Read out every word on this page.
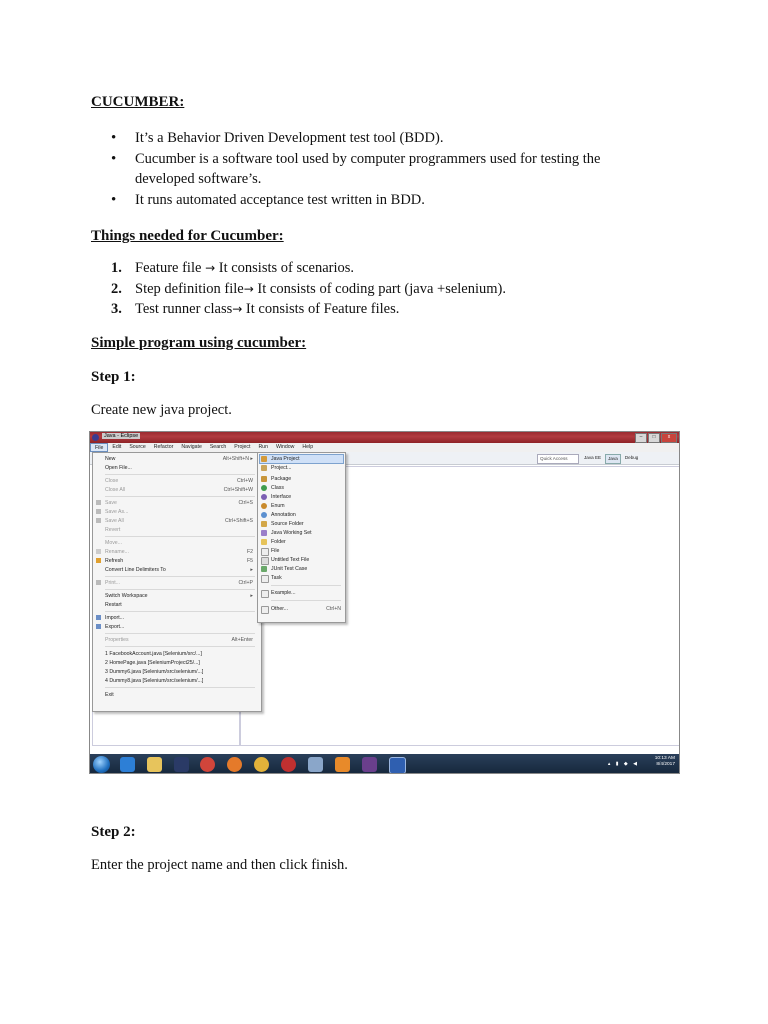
CUCUMBER:
• It’s a Behavior Driven Development test tool (BDD).
• Cucumber is a software tool used by computer programmers used for testing the
developed software’s.
• It runs automated acceptance test written in BDD.
Things needed for Cucumber:
1. Feature file → It consists of scenarios.
2. Step definition file→ It consists of coding part (java +selenium).
3. Test runner class→ It consists of Feature files.
Simple program using cucumber:
Step 1:
Create new java project.
Step 2:
Enter the project name and then click finish.
Java - Eclipse	–	□	x
File	Edit	Source	Refactor	Navigate	Search	Project	Run	Window	Help
Quick Access	Java EE	Java	Debug
New	Alt+Shift+N ▸
Open File...
Close	Ctrl+W
Close All	Ctrl+Shift+W
Save	Ctrl+S
Save As...
Save All	Ctrl+Shift+S
Revert
Move...
Rename...	F2
Refresh	F5
Convert Line Delimiters To	▸
Print...	Ctrl+P
Switch Workspace	▸
Restart
Import...
Export...
Properties	Alt+Enter
1 FacebookAccount.java [Selenium/src/...]
2 HomePage.java [SeleniumProject25/...]
3 Dummy6.java [Selenium/src/selenium/...]
4 Dummy8.java [Selenium/src/selenium/...]
Exit
Java Project
Project...
Package
Class
Interface
Enum
Annotation
Source Folder
Java Working Set
Folder
File
Untitled Text File
JUnit Test Case
Task
Example...
Other...	Ctrl+N
▴ ▮ ◆ ◀
10:13 AM
8/4/2017
